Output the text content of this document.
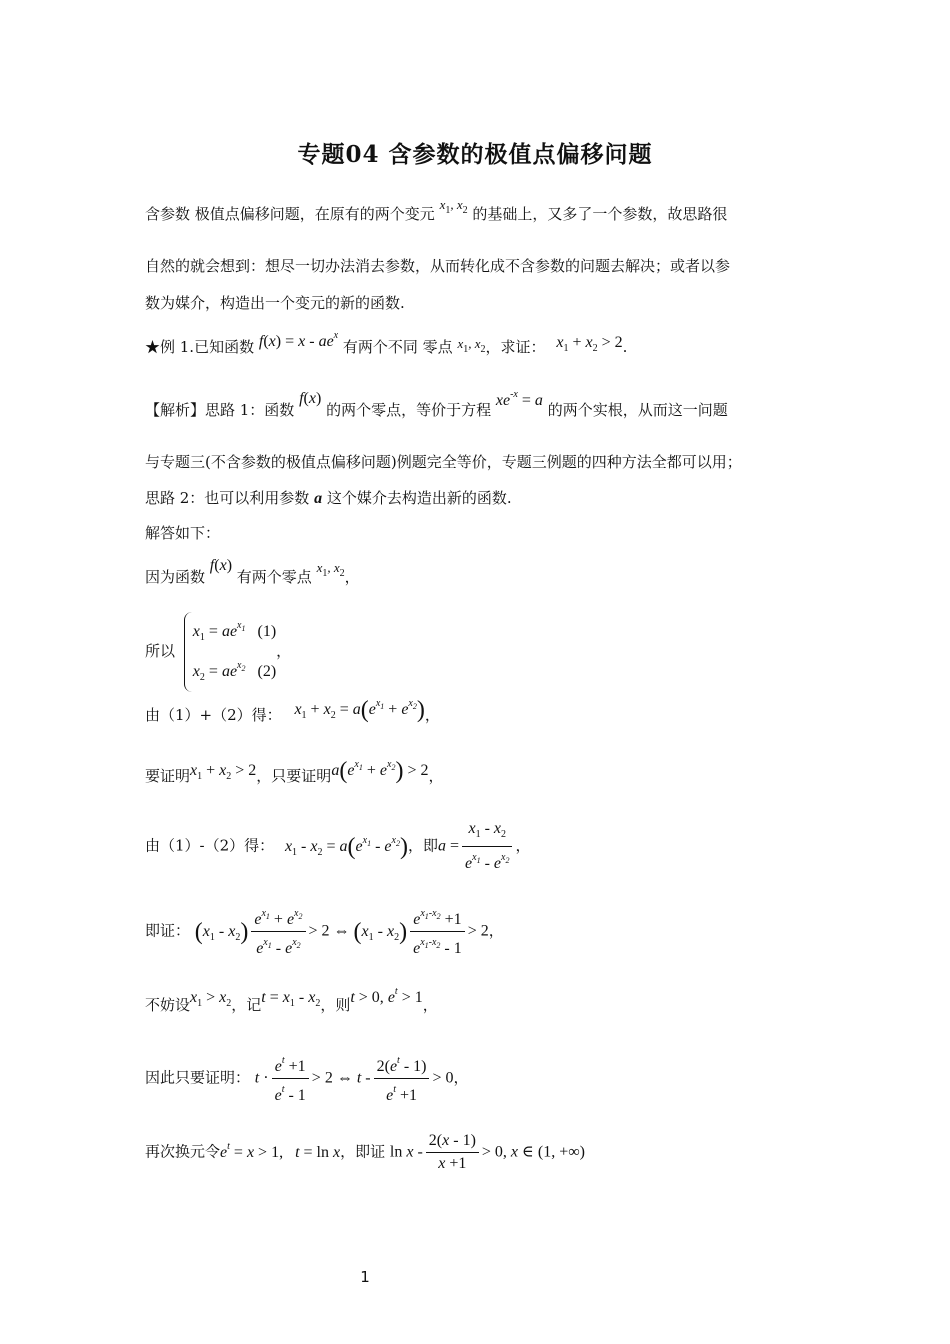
专题04 含参数的极值点偏移问题
含参数 极值点偏移问题，在原有的两个变元 $x_1$, $x_2$ 的基础上，又多了一个参数，故思路很
自然的就会想到：想尽一切办法消去参数，从而转化成不含参数的问题去解决；或者以参
数为媒介，构造出一个变元的新的函数.
★例 1.已知函数 $f(x) = x - ae^x$ 有两个不同 零点 $x_1$, $x_2$，求证： $x_1 + x_2 > 2$.
【解析】思路 1：函数 f(x) 的两个零点，等价于方程 $xe^{-x} = a$ 的两个实根，从而这一问题
与专题三(不含参数的极值点偏移问题)例题完全等价，专题三例题的四种方法全都可以用；
思路 2：也可以利用参数 a 这个媒介去构造出新的函数.
解答如下：
因为函数 f(x) 有两个零点 $x_1$, $x_2$，
所以
$x_1 = ae^{x_1}$ (1)
$x_2 = ae^{x_2}$ (2)
，
由（1）+（2）得： $x_1 + x_2 = a(e^{x_1} + e^{x_2})$，
要证明$x_1 + x_2 > 2$，只要证明$a(e^{x_1} + e^{x_2}) > 2$，
由（1）-（2）得： $x_1 - x_2 = a(e^{x_1} - e^{x_2})$，即$a = \frac{x_1 - x_2}{e^{x_1} - e^{x_2}}$ ，
即证： $(x_1 - x_2) \frac{e^{x_1} + e^{x_2}}{e^{x_1} - e^{x_2}} > 2$ ⇔ $(x_1 - x_2) \frac{e^{x_1-x_2} +1}{e^{x_1-x_2} - 1} > 2$，
不妨设$x_1 > x_2$，记$t = x_1 - x_2$，则t > 0, $e^t > 1$，
因此只要证明： $t \cdot \frac{e^t +1}{e^t - 1} > 2$ ⇔ $t - \frac{2(e^t - 1)}{e^t +1} > 0$，
再次换元令$e^t = x > 1$,   t = ln x，即证 $\ln x - \frac{2(x - 1)}{x +1} > 0$, x ∈ (1, +∞)
1
